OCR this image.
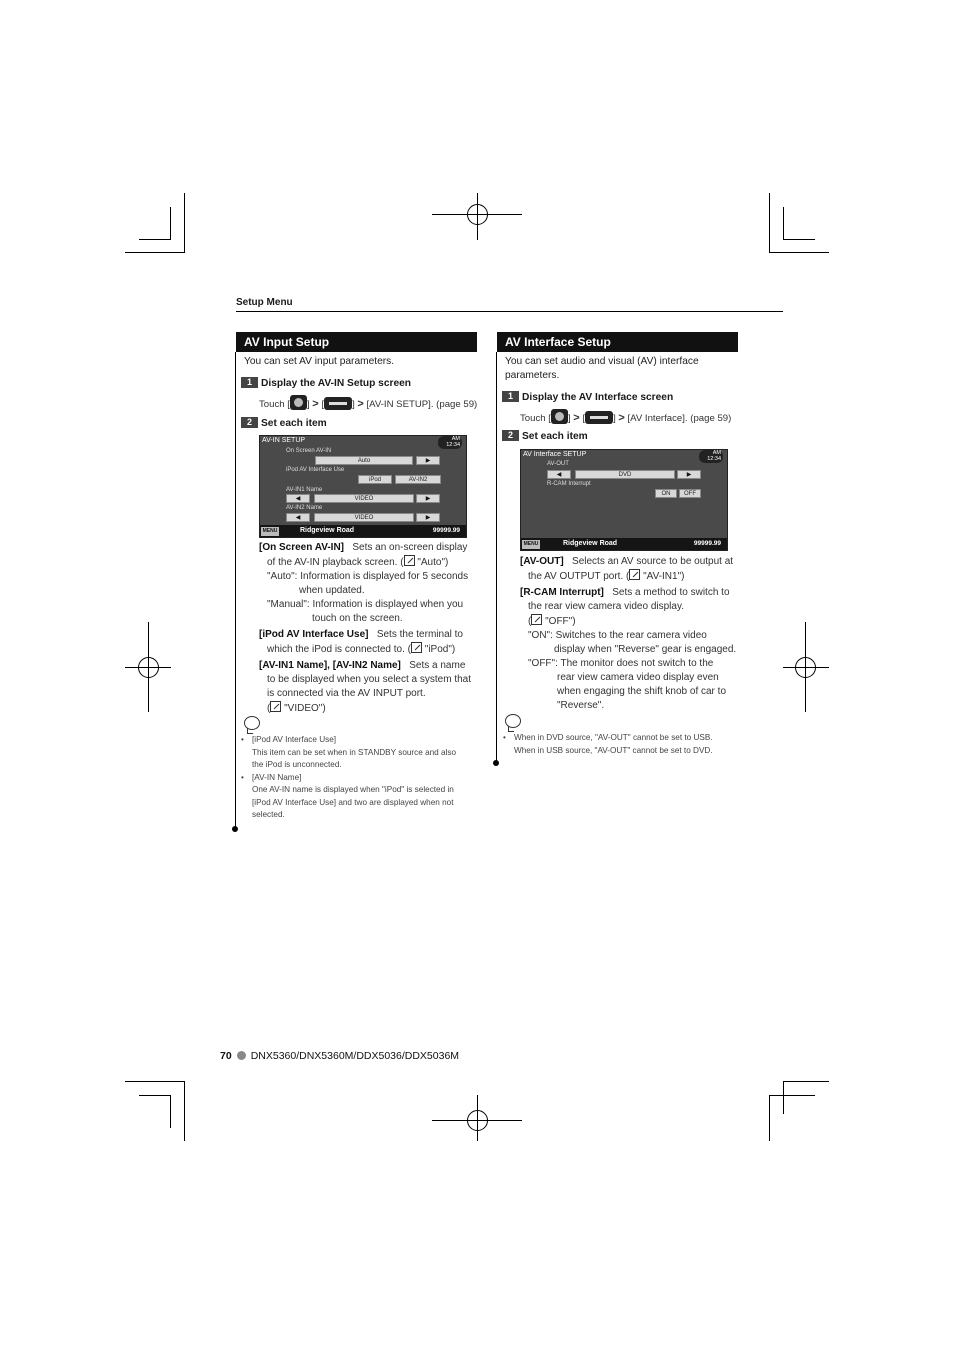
Setup Menu
AV Input Setup
You can set AV input parameters.
1 Display the AV-IN Setup screen
Touch [ ] > [	] > [AV-IN SETUP]. (page 59)
2 Set each item
AV-IN SETUP	AM 12:34
On Screen AV-IN
Auto	▶
iPod AV Interface Use
iPod	AV-IN2
AV-IN1 Name
◀	VIDEO	▶
AV-IN2 Name
◀	VIDEO	▶
MENU	Ridgeview Road	99999.99
[On Screen AV-IN] Sets an on-screen display
of the AV-IN playback screen. ( "Auto")
"Auto": Information is displayed for 5 seconds
when updated.
"Manual": Information is displayed when you
touch on the screen.
[iPod AV Interface Use] Sets the terminal to
which the iPod is connected to. ( "iPod")
[AV-IN1 Name], [AV-IN2 Name] Sets a name
to be displayed when you select a system that
is connected via the AV INPUT port.
( "VIDEO")
• [iPod AV Interface Use]
This item can be set when in STANDBY source and also
the iPod is unconnected.
• [AV-IN Name]
One AV-IN name is displayed when "iPod" is selected in
[iPod AV Interface Use] and two are displayed when not
selected.
AV Interface Setup
You can set audio and visual (AV) interface
parameters.
1 Display the AV Interface screen
Touch [ ] > [	] > [AV Interface]. (page 59)
2 Set each item
AV Interface SETUP	AM 12:34
AV-OUT
◀	DVD	▶
R-CAM Interrupt
ON	OFF
MENU	Ridgeview Road	99999.99
[AV-OUT] Selects an AV source to be output at
the AV OUTPUT port. ( "AV-IN1")
[R-CAM Interrupt] Sets a method to switch to
the rear view camera video display.
( "OFF")
"ON": Switches to the rear camera video
display when "Reverse" gear is engaged.
"OFF": The monitor does not switch to the
rear view camera video display even
when engaging the shift knob of car to
"Reverse".
• When in DVD source, "AV-OUT" cannot be set to USB.
When in USB source, "AV-OUT" cannot be set to DVD.
70 DNX5360/DNX5360M/DDX5036/DDX5036M
